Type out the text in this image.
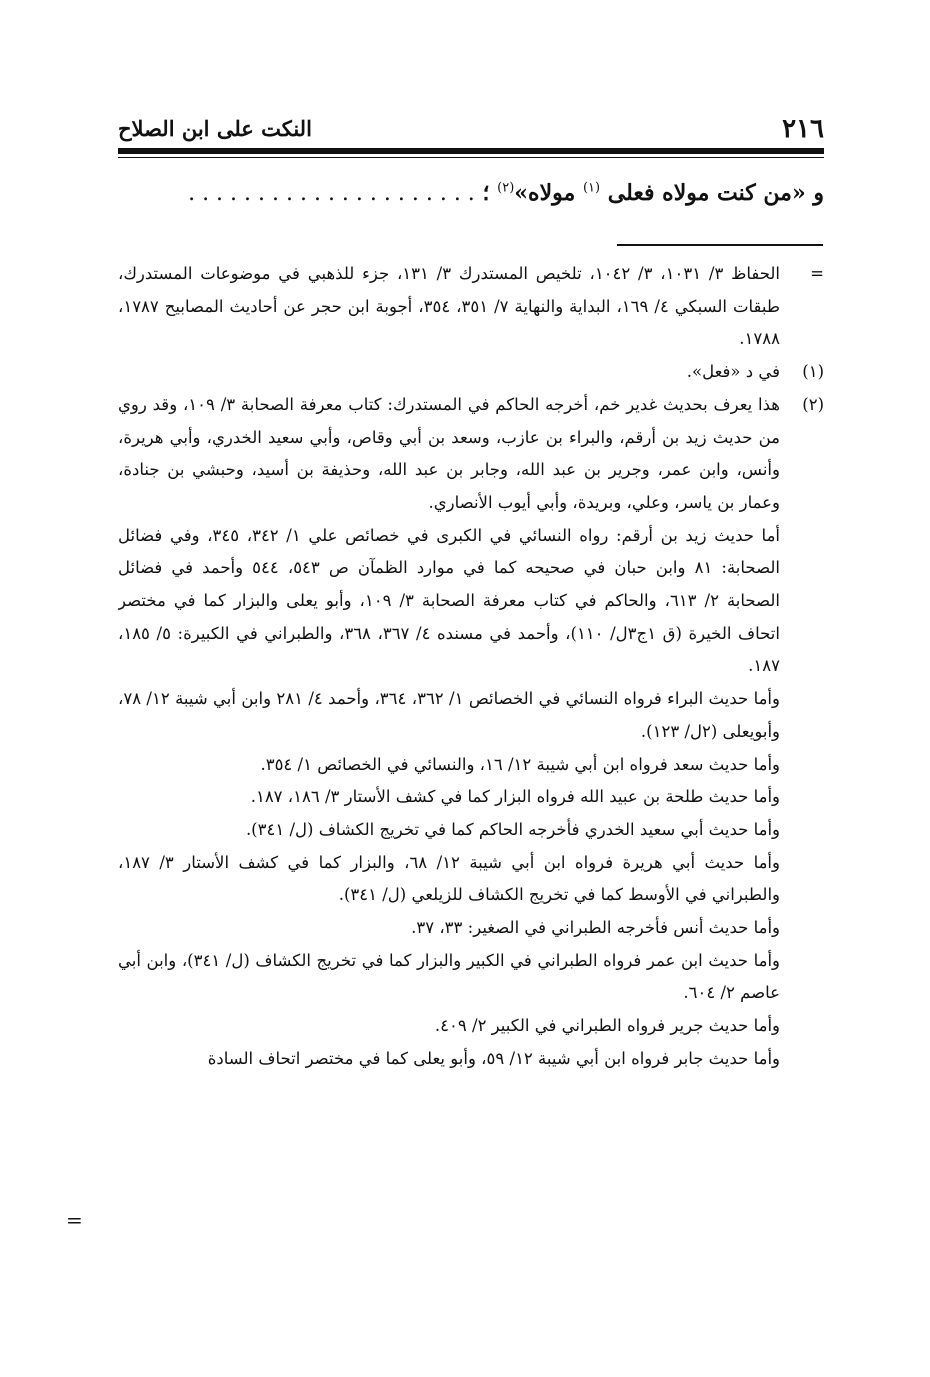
٢١٦
النكت على ابن الصلاح
و «من كنت مولاه فعلى $^{(١)}$ مولاه»$^{(٢)}$ ؛ . . . . . . . . . . . . . . . . . . . . .
=

الحفاظ ٣/ ١٠٣١، ٣/ ١٠٤٢، تلخيص المستدرك ٣/ ١٣١، جزء للذهبي في موضوعات المستدرك، طبقات السبكي ٤/ ١٦٩، البداية والنهاية ٧/ ٣٥١، ٣٥٤، أجوبة ابن حجر عن أحاديث المصابيح ١٧٨٧، ١٧٨٨.

(١)

في د «فعل».

(٢)

هذا يعرف بحديث غدير خم، أخرجه الحاكم في المستدرك: كتاب معرفة الصحابة ٣/ ١٠٩، وقد روي من حديث زيد بن أرقم، والبراء بن عازب، وسعد بن أبي وقاص، وأبي سعيد الخدري، وأبي هريرة، وأنس، وابن عمر، وجرير بن عبد الله، وجابر بن عبد الله، وحذيفة بن أسيد، وحبشي بن جنادة، وعمار بن ياسر، وعلي، وبريدة، وأبي أيوب الأنصاري.

أما حديث زيد بن أرقم: رواه النسائي في الكبرى في خصائص علي ١/ ٣٤٢، ٣٤٥، وفي فضائل الصحابة: ٨١ وابن حبان في صحيحه كما في موارد الظمآن ص ٥٤٣، ٥٤٤ وأحمد في فضائل الصحابة ٢/ ٦١٣، والحاكم في كتاب معرفة الصحابة ٣/ ١٠٩، وأبو يعلى والبزار كما في مختصر اتحاف الخيرة (ق ١ج٣ل/ ١١٠)، وأحمد في مسنده ٤/ ٣٦٧، ٣٦٨، والطبراني في الكبيرة: ٥/ ١٨٥، ١٨٧.

وأما حديث البراء فرواه النسائي في الخصائص ١/ ٣٦٢، ٣٦٤، وأحمد ٤/ ٢٨١ وابن أبي شيبة ١٢/ ٧٨، وأبويعلى (٢ل/ ١٢٣).

وأما حديث سعد فرواه ابن أبي شيبة ١٢/ ١٦، والنسائي في الخصائص ١/ ٣٥٤.

وأما حديث طلحة بن عبيد الله فرواه البزار كما في كشف الأستار ٣/ ١٨٦، ١٨٧.

وأما حديث أبي سعيد الخدري فأخرجه الحاكم كما في تخريج الكشاف (ل/ ٣٤١).

وأما حديث أبي هريرة فرواه ابن أبي شيبة ١٢/ ٦٨، والبزار كما في كشف الأستار ٣/ ١٨٧، والطبراني في الأوسط كما في تخريج الكشاف للزيلعي (ل/ ٣٤١).

وأما حديث أنس فأخرجه الطبراني في الصغير: ٣٣، ٣٧.

وأما حديث ابن عمر فرواه الطبراني في الكبير والبزار كما في تخريج الكشاف (ل/ ٣٤١)، وابن أبي عاصم ٢/ ٦٠٤.

وأما حديث جرير فرواه الطبراني في الكبير ٢/ ٤٠٩.

وأما حديث جابر فرواه ابن أبي شيبة ١٢/ ٥٩، وأبو يعلى كما في مختصر اتحاف السادة

=
